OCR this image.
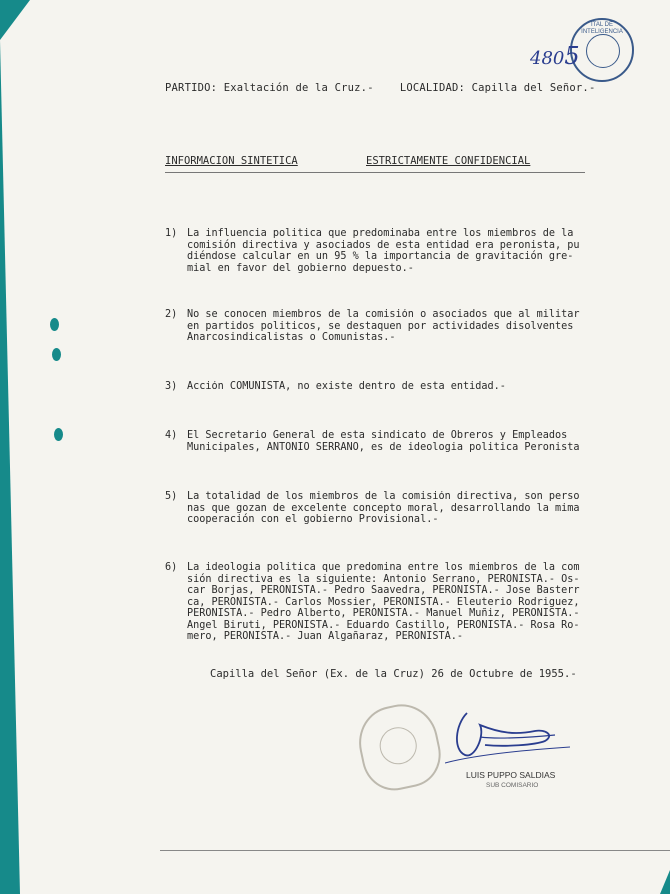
ITAL DE INTELIGENCIA
4805
PARTIDO: Exaltación de la Cruz.- LOCALIDAD: Capilla del Señor.-
INFORMACION SINTETICA	ESTRICTAMENTE CONFIDENCIAL
1) La influencia politica que predominaba entre los miembros de la
comisión directiva y asociados de esta entidad era peronista, pu
diéndose calcular en un 95 % la importancia de gravitación gre-
mial en favor del gobierno depuesto.-
2) No se conocen miembros de la comisión o asociados que al militar
en partidos politicos, se destaquen por actividades disolventes
Anarcosindicalistas o Comunistas.-
3) Acción COMUNISTA, no existe dentro de esta entidad.-
4) El Secretario General de esta sindicato de Obreros y Empleados
Municipales, ANTONIO SERRANO, es de ideologia politica Peronista
5) La totalidad de los miembros de la comisión directiva, son perso
nas que gozan de excelente concepto moral, desarrollando la mima
cooperación con el gobierno Provisional.-
6) La ideologia politica que predomina entre los miembros de la com
sión directiva es la siguiente: Antonio Serrano, PERONISTA.- Os-
car Borjas, PERONISTA.- Pedro Saavedra, PERONISTA.- Jose Basterr
ca, PERONISTA.- Carlos Mossier, PERONISTA.- Eleuterio Rodriguez,
PERONISTA.- Pedro Alberto, PERONISTA.- Manuel Muñiz, PERONISTA.-
Angel Biruti, PERONISTA.- Eduardo Castillo, PERONISTA.- Rosa Ro-
mero, PERONISTA.- Juan Algañaraz, PERONISTA.-
Capilla del Señor (Ex. de la Cruz) 26 de Octubre de 1955.-
LUIS PUPPO SALDIAS
SUB COMISARIO
